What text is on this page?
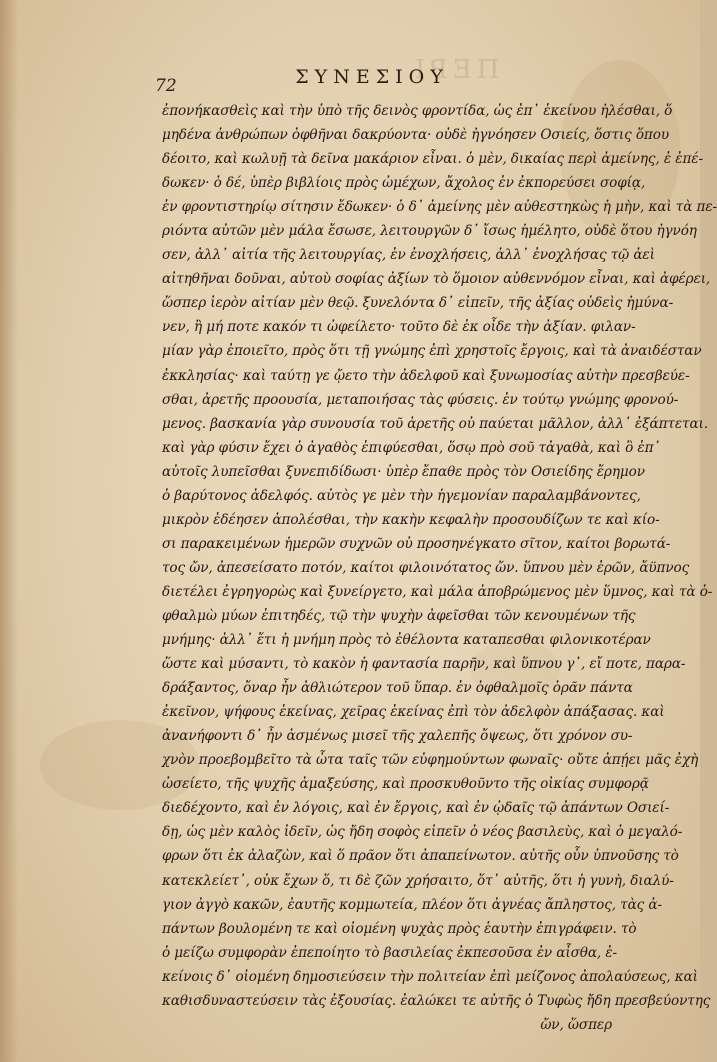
ΠΕΡΙ
72	ΣΥΝΕΣΙΟΥ
ἐπονήκασθεὶς καὶ τὴν ὑπὸ τῆς δεινὸς φροντίδα, ὡς ἐπ᾽ ἐκείνου ἠλέσθαι, ὅ
μηδένα ἀνθρώπων ὀφθῆναι δακρύοντα· οὐδὲ ἠγνόησεν Οσιείς, ὅστις ὅπου
δέοιτο, καὶ κωλυῇ τὰ δεῖνα μακάριον εἶναι. ὁ μὲν, δικαίας περὶ ἀμείνης, ἐ ἐπέ-
δωκεν· ὁ δέ, ὑπὲρ βιβλίοις πρὸς ὠμέχων, ἄχολος ἐν ἐκπορεύσει σοφίᾳ,
ἐν φροντιστηρίῳ σίτησιν ἔδωκεν· ὁ δ᾽ ἀμείνης μὲν αὐθεστηκὼς ἡ μὴν, καὶ τὰ πε-
ριόντα αὐτῶν μὲν μάλα ἔσωσε, λειτουργῶν δ᾽ ἴσως ἡμέλητο, οὐδὲ ὅτου ἠγνόη
σεν, ἀλλ᾽ αἰτία τῆς λειτουργίας, ἐν ἐνοχλήσεις, ἀλλ᾽ ἐνοχλήσας τῷ ἀεὶ
αἰτηθῆναι δοῦναι, αὐτοὺ σοφίας ἀξίων τὸ ὅμοιον αὐθεννόμον εἶναι, καὶ ἀφέρει,
ὥσπερ ἱερὸν αἰτίαν μὲν θεῷ. ξυνελόντα δ᾽ εἰπεῖν, τῆς ἀξίας οὐδεὶς ἠμύνα-
νεν, ἢ μή ποτε κακόν τι ὠφείλετο· τοῦτο δὲ ἐκ οἶδε τὴν ἀξίαν. φιλαν-
μίαν γὰρ ἐποιεῖτο, πρὸς ὅτι τῇ γνώμης ἐπὶ χρηστοῖς ἔργοις, καὶ τὰ ἀναιδέσταν
ἐκκλησίας· καὶ ταύτῃ γε ᾤετο τὴν ἀδελφοῦ καὶ ξυνωμοσίας αὐτὴν πρεσβεύε-
σθαι, ἀρετῆς προουσία, μεταποιήσας τὰς φύσεις. ἐν τούτῳ γνώμης φρονού-
μενος. βασκανία γὰρ συνουσία τοῦ ἀρετῆς οὐ παύεται μᾶλλον, ἀλλ᾽ ἐξάπτεται.
καὶ γὰρ φύσιν ἔχει ὁ ἀγαθὸς ἐπιφύεσθαι, ὅσῳ πρὸ σοῦ τἀγαθὰ, καὶ ὃ ἐπ᾽
αὐτοῖς λυπεῖσθαι ξυνεπιδίδωσι· ὑπὲρ ἔπαθε πρὸς τὸν Οσιείδης ἔρημον
ὁ βαρύτονος ἀδελφός. αὐτὸς γε μὲν τὴν ἡγεμονίαν παραλαμβάνοντες,
μικρὸν ἐδέησεν ἀπολέσθαι, τὴν κακὴν κεφαλὴν προσουδίζων τε καὶ κίο-
σι παρακειμένων ἡμερῶν συχνῶν οὐ προσηνέγκατο σῖτον, καίτοι βορωτά-
τος ὤν, ἀπεσείσατο ποτόν, καίτοι φιλοινότατος ὤν. ὕπνου μὲν ἐρῶν, ἄϋπνος
διετέλει ἐγρηγορὼς καὶ ξυνείργετο, καὶ μάλα ἀποβρώμενος μὲν ὕμνος, καὶ τὰ ὀ-
φθαλμὼ μύων ἐπιτηδές, τῷ τὴν ψυχὴν ἀφεῖσθαι τῶν κενουμένων τῆς
μνήμης· ἀλλ᾽ ἔτι ἡ μνήμη πρὸς τὸ ἐθέλοντα καταπεσθαι φιλονικοτέραν
ὥστε καὶ μύσαντι, τὸ κακὸν ἡ φαντασία παρῆν, καὶ ὕπνου γ᾽, εἴ ποτε, παρα-
δράξαντος, ὄναρ ἦν ἀθλιώτερον τοῦ ὕπαρ. ἐν ὀφθαλμοῖς ὁρᾶν πάντα
ἐκεῖνον, ψήφους ἐκείνας, χεῖρας ἐκείνας ἐπὶ τὸν ἀδελφὸν ἀπάξασας. καὶ
ἀνανήφοντι δ᾽ ἦν ἀσμένως μισεῖ τῆς χαλεπῆς ὄψεως, ὅτι χρόνον συ-
χνὸν προεβομβεῖτο τὰ ὦτα ταῖς τῶν εὐφημούντων φωναῖς· οὔτε ἀπῄει μᾶς ἐχὴ
ὠσείετο, τῆς ψυχῆς ἀμαξεύσης, καὶ προσκυθοῦντο τῆς οἰκίας συμφορᾷ
διεδέχοντο, καὶ ἐν λόγοις, καὶ ἐν ἔργοις, καὶ ἐν ᾠδαῖς τῷ ἀπάντων Οσιεί-
δῃ, ὡς μὲν καλὸς ἰδεῖν, ὡς ἤδη σοφὸς εἰπεῖν ὁ νέος βασιλεὺς, καὶ ὁ μεγαλό-
φρων ὅτι ἐκ ἀλαζὼν, καὶ ὅ πρᾶον ὅτι ἀπαπείνωτον. αὐτῆς οὖν ὑπνοῦσης τὸ
κατεκλείετ᾽, οὐκ ἔχων ὅ, τι δὲ ζῶν χρήσαιτο, ὅτ᾽ αὐτῆς, ὅτι ἡ γυνὴ, διαλύ-
γιον ἀγγὸ κακῶν, ἐαυτῆς κομμωτεία, πλέον ὅτι ἀγνέας ἄπληστος, τὰς ἀ-
πάντων βουλομένη τε καὶ οἰομένη ψυχὰς πρὸς ἑαυτὴν ἐπιγράφειν. τὸ
ὁ μείζω συμφορὰν ἐπεποίητο τὸ βασιλείας ἐκπεσοῦσα ἐν αἶσθα, ἐ-
κείνοις δ᾽ οἰομένη δημοσιεύσειν τὴν πολιτείαν ἐπὶ μείζονος ἀπολαύσεως, καὶ
καθισδυναστεύσειν τὰς ἐξουσίας. ἐαλώκει τε αὐτῆς ὁ Τυφὼς ἤδη πρεσβεύοντης
ὤν, ὥσπερ
